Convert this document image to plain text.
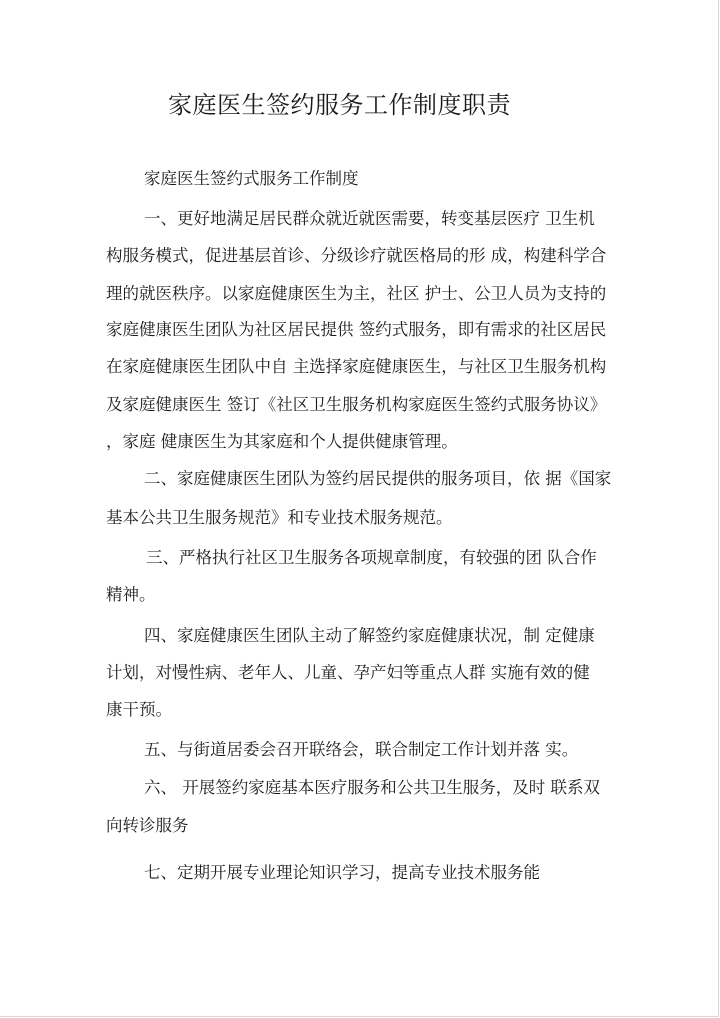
家庭医生签约服务工作制度职责

家庭医生签约式服务工作制度

一、更好地满足居民群众就近就医需要，转变基层医疗 卫生机

构服务模式，促进基层首诊、分级诊疗就医格局的形 成，构建科学合

理的就医秩序。以家庭健康医生为主，社区 护士、公卫人员为支持的

家庭健康医生团队为社区居民提供 签约式服务，即有需求的社区居民

在家庭健康医生团队中自 主选择家庭健康医生，与社区卫生服务机构

及家庭健康医生 签订《社区卫生服务机构家庭医生签约式服务协议》

，家庭 健康医生为其家庭和个人提供健康管理。

二、家庭健康医生团队为签约居民提供的服务项目，依 据《国家

基本公共卫生服务规范》和专业技术服务规范。

三、严格执行社区卫生服务各项规章制度，有较强的团 队合作

精神。

四、家庭健康医生团队主动了解签约家庭健康状况，制 定健康

计划，对慢性病、老年人、儿童、孕产妇等重点人群 实施有效的健

康干预。

五、与街道居委会召开联络会，联合制定工作计划并落 实。

六、 开展签约家庭基本医疗服务和公共卫生服务，及时 联系双

向转诊服务

七、定期开展专业理论知识学习，提高专业技术服务能
